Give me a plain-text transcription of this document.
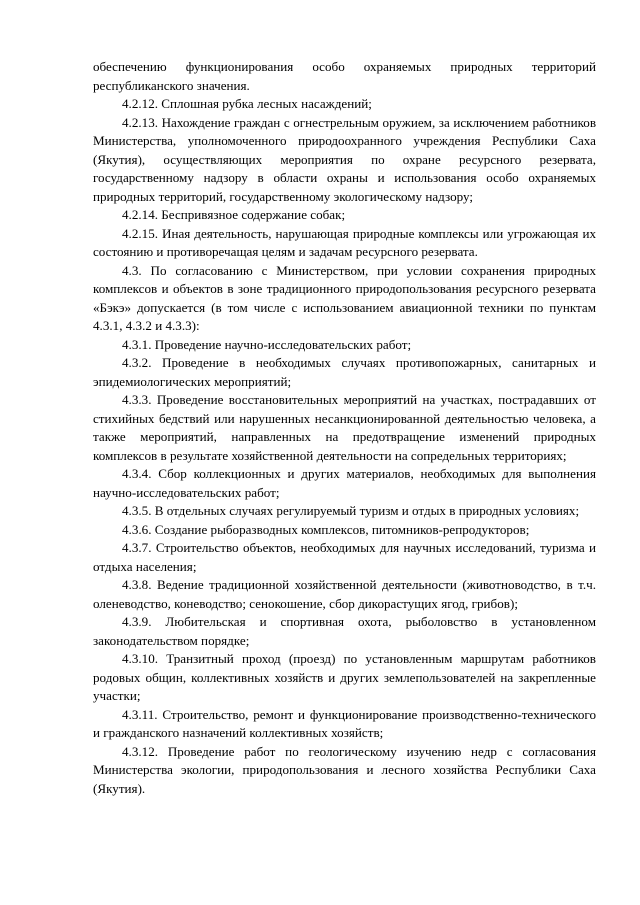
обеспечению функционирования особо охраняемых природных территорий республиканского значения.

4.2.12. Сплошная рубка лесных насаждений;

4.2.13. Нахождение граждан с огнестрельным оружием, за исключением работников Министерства, уполномоченного природоохранного учреждения Республики Саха (Якутия), осуществляющих мероприятия по охране ресурсного резервата, государственному надзору в области охраны и использования особо охраняемых природных территорий, государственному экологическому надзору;

4.2.14. Беспривязное содержание собак;

4.2.15. Иная деятельность, нарушающая природные комплексы или угрожающая их состоянию и противоречащая целям и задачам ресурсного резервата.

4.3. По согласованию с Министерством, при условии сохранения природных комплексов и объектов в зоне традиционного природопользования ресурсного резервата «Бэкэ» допускается (в том числе с использованием авиационной техники по пунктам 4.3.1, 4.3.2 и 4.3.3):

4.3.1. Проведение научно-исследовательских работ;

4.3.2. Проведение в необходимых случаях противопожарных, санитарных и эпидемиологических мероприятий;

4.3.3. Проведение восстановительных мероприятий на участках, пострадавших от стихийных бедствий или нарушенных несанкционированной деятельностью человека, а также мероприятий, направленных на предотвращение изменений природных комплексов в результате хозяйственной деятельности на сопредельных территориях;

4.3.4. Сбор коллекционных и других материалов, необходимых для выполнения научно-исследовательских работ;

4.3.5. В отдельных случаях регулируемый туризм и отдых в природных условиях;

4.3.6. Создание рыборазводных комплексов, питомников-репродукторов;

4.3.7. Строительство объектов, необходимых для научных исследований, туризма и отдыха населения;

4.3.8. Ведение традиционной хозяйственной деятельности (животноводство, в т.ч. оленеводство, коневодство; сенокошение, сбор дикорастущих ягод, грибов);

4.3.9. Любительская и спортивная охота, рыболовство в установленном законодательством порядке;

4.3.10. Транзитный проход (проезд) по установленным маршрутам работников родовых общин, коллективных хозяйств и других землепользователей на закрепленные участки;

4.3.11. Строительство, ремонт и функционирование производственно-технического и гражданского назначений коллективных хозяйств;

4.3.12. Проведение работ по геологическому изучению недр с согласования Министерства экологии, природопользования и лесного хозяйства Республики Саха (Якутия).
